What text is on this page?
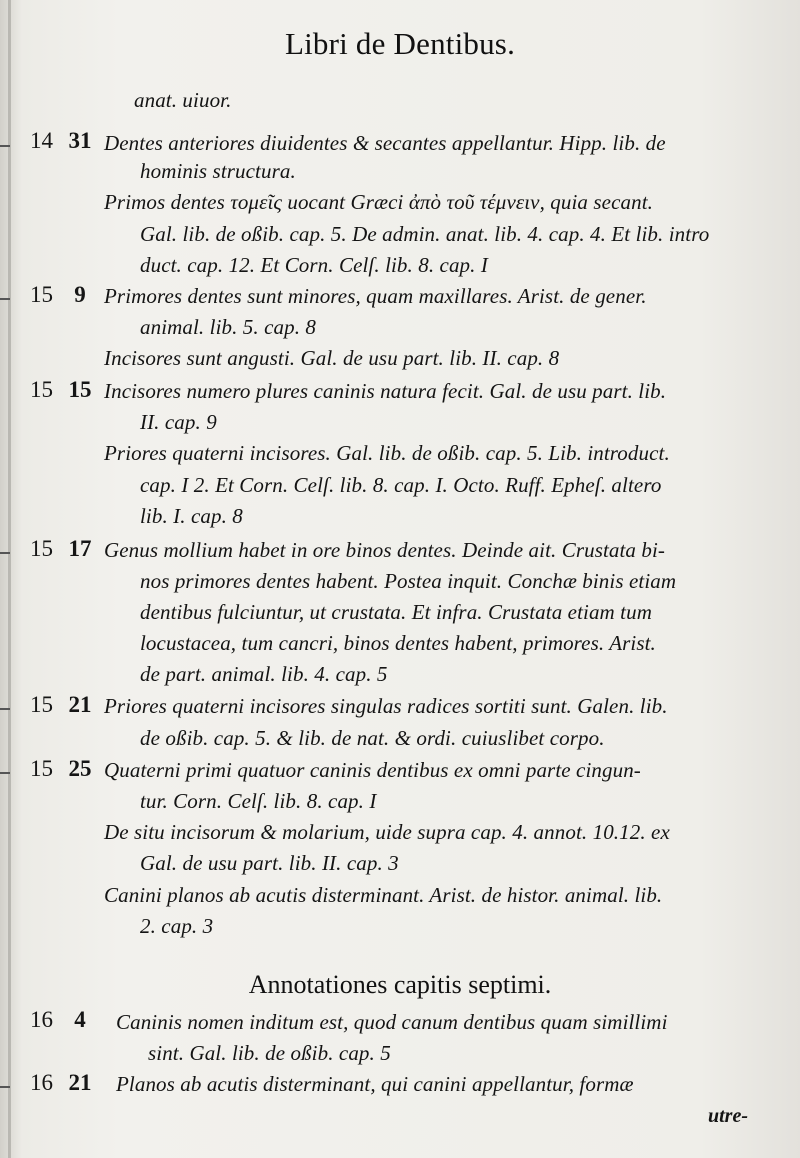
Libri de Dentibus.
anat. uiuor.
14 31 Dentes anteriores diuidentes & secantes appellantur. Hipp. lib. de
hominis structura.
Primos dentes τομεῖς uocant Græci ἀπὸ τοῦ τέμνειν, quia secant.
Gal. lib. de oßib. cap. 5. De admin. anat. lib. 4. cap. 4. Et lib. intro
duct. cap. 12. Et Corn. Celſ. lib. 8. cap. I
15 9 Primores dentes sunt minores, quam maxillares. Arist. de gener.
animal. lib. 5. cap. 8
Incisores sunt angusti. Gal. de usu part. lib. II. cap. 8
15 15 Incisores numero plures caninis natura fecit. Gal. de usu part. lib.
II. cap. 9
Priores quaterni incisores. Gal. lib. de oßib. cap. 5. Lib. introduct.
cap. I 2. Et Corn. Celſ. lib. 8. cap. I. Octo. Ruff. Epheſ. altero
lib. I. cap. 8
15 17 Genus mollium habet in ore binos dentes. Deinde ait. Crustata bi-
nos primores dentes habent. Postea inquit. Conchæ binis etiam
dentibus fulciuntur, ut crustata. Et infra. Crustata etiam tum
locustacea, tum cancri, binos dentes habent, primores. Arist.
de part. animal. lib. 4. cap. 5
15 21 Priores quaterni incisores singulas radices sortiti sunt. Galen. lib.
de oßib. cap. 5. & lib. de nat. & ordi. cuiuslibet corpo.
15 25 Quaterni primi quatuor caninis dentibus ex omni parte cingun-
tur. Corn. Celſ. lib. 8. cap. I
De situ incisorum & molarium, uide supra cap. 4. annot. 10.12. ex
Gal. de usu part. lib. II. cap. 3
Canini planos ab acutis disterminant. Arist. de histor. animal. lib.
2. cap. 3
Annotationes capitis septimi.
16 4	Caninis nomen inditum est, quod canum dentibus quam simillimi
sint. Gal. lib. de oßib. cap. 5
16 21	Planos ab acutis disterminant, qui canini appellantur, formæ
utre-
